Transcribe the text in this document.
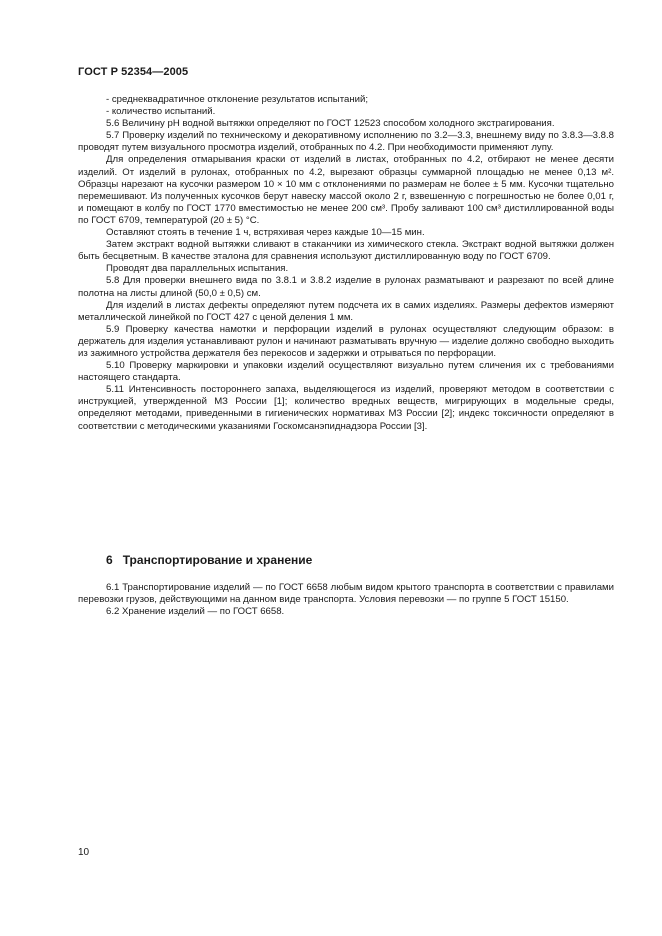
ГОСТ Р 52354—2005

- среднеквадратичное отклонение результатов испытаний;

- количество испытаний.

5.6 Величину pH водной вытяжки определяют по ГОСТ 12523 способом холодного экстрагирования.

5.7 Проверку изделий по техническому и декоративному исполнению по 3.2—3.3, внешнему виду по 3.8.3—3.8.8 проводят путем визуального просмотра изделий, отобранных по 4.2. При необходимости применяют лупу.

Для определения отмарывания краски от изделий в листах, отобранных по 4.2, отбирают не менее десяти изделий. От изделий в рулонах, отобранных по 4.2, вырезают образцы суммарной площадью не менее 0,13 м². Образцы нарезают на кусочки размером 10 × 10 мм с отклонениями по размерам не более ± 5 мм. Кусочки тщательно перемешивают. Из полученных кусочков берут навеску массой около 2 г, взвешенную с погрешностью не более 0,01 г, и помещают в колбу по ГОСТ 1770 вместимостью не менее 200 см³. Пробу заливают 100 см³ дистиллированной воды по ГОСТ 6709, температурой (20 ± 5) °C.

Оставляют стоять в течение 1 ч, встряхивая через каждые 10—15 мин.

Затем экстракт водной вытяжки сливают в стаканчики из химического стекла. Экстракт водной вытяжки должен быть бесцветным. В качестве эталона для сравнения используют дистиллированную воду по ГОСТ 6709.

Проводят два параллельных испытания.

5.8 Для проверки внешнего вида по 3.8.1 и 3.8.2 изделие в рулонах разматывают и разрезают по всей длине полотна на листы длиной (50,0 ± 0,5) см.

Для изделий в листах дефекты определяют путем подсчета их в самих изделиях. Размеры дефектов измеряют металлической линейкой по ГОСТ 427 с ценой деления 1 мм.

5.9 Проверку качества намотки и перфорации изделий в рулонах осуществляют следующим образом: в держатель для изделия устанавливают рулон и начинают разматывать вручную — изделие должно свободно выходить из зажимного устройства держателя без перекосов и задержки и отрываться по перфорации.

5.10 Проверку маркировки и упаковки изделий осуществляют визуально путем сличения их с требованиями настоящего стандарта.

5.11 Интенсивность постороннего запаха, выделяющегося из изделий, проверяют методом в соответствии с инструкцией, утвержденной МЗ России [1]; количество вредных веществ, мигрирующих в модельные среды, определяют методами, приведенными в гигиенических нормативах МЗ России [2]; индекс токсичности определяют в соответствии с методическими указаниями Госкомсанэпиднадзора России [3].

6 Транспортирование и хранение

6.1 Транспортирование изделий — по ГОСТ 6658 любым видом крытого транспорта в соответствии с правилами перевозки грузов, действующими на данном виде транспорта. Условия перевозки — по группе 5 ГОСТ 15150.

6.2 Хранение изделий — по ГОСТ 6658.

10
